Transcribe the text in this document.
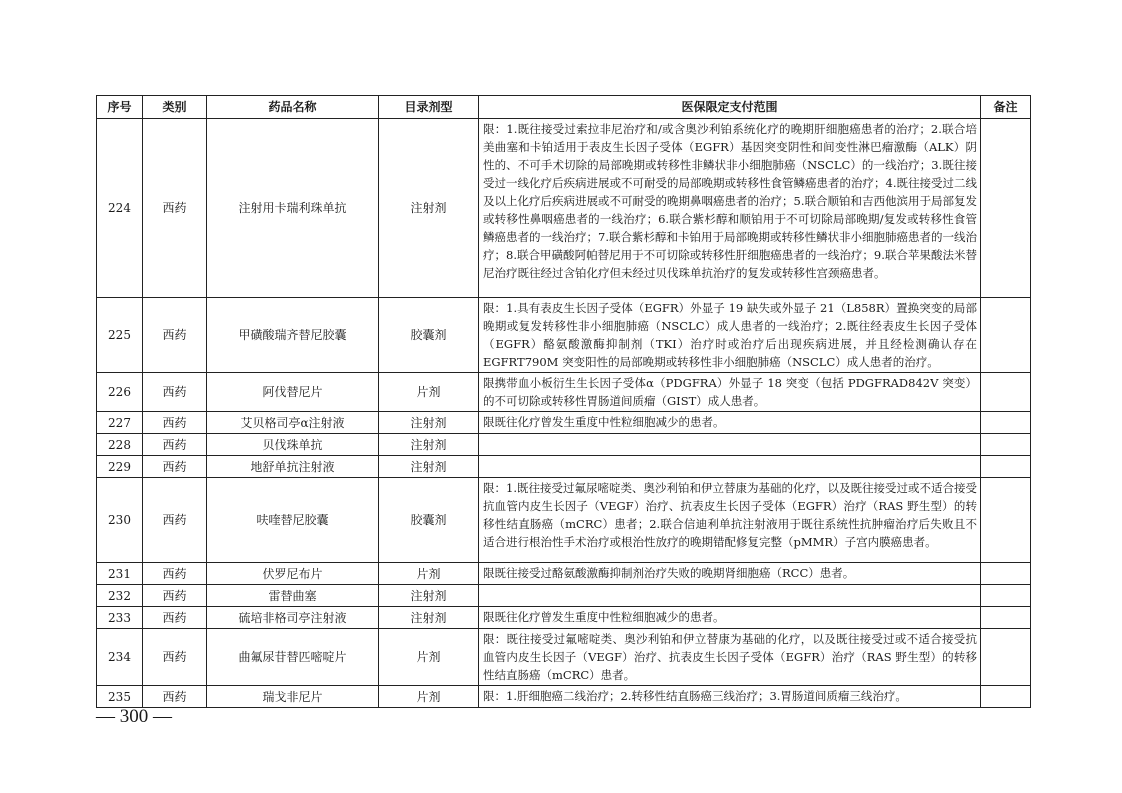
序号	类别	药品名称	目录剂型	医保限定支付范围	备注
224	西药	注射用卡瑞利珠单抗	注射剂	限：1.既往接受过索拉非尼治疗和/或含奥沙利铂系统化疗的晚期肝细胞癌患者的治疗；2.联合培美曲塞和卡铂适用于表皮生长因子受体（EGFR）基因突变阴性和间变性淋巴瘤激酶（ALK）阴性的、不可手术切除的局部晚期或转移性非鳞状非小细胞肺癌（NSCLC）的一线治疗；3.既往接受过一线化疗后疾病进展或不可耐受的局部晚期或转移性食管鳞癌患者的治疗；4.既往接受过二线及以上化疗后疾病进展或不可耐受的晚期鼻咽癌患者的治疗；5.联合顺铂和吉西他滨用于局部复发或转移性鼻咽癌患者的一线治疗；6.联合紫杉醇和顺铂用于不可切除局部晚期/复发或转移性食管鳞癌患者的一线治疗；7.联合紫杉醇和卡铂用于局部晚期或转移性鳞状非小细胞肺癌患者的一线治疗；8.联合甲磺酸阿帕替尼用于不可切除或转移性肝细胞癌患者的一线治疗；9.联合苹果酸法米替尼治疗既往经过含铂化疗但未经过贝伐珠单抗治疗的复发或转移性宫颈癌患者。	
225	西药	甲磺酸瑞齐替尼胶囊	胶囊剂	限：1.具有表皮生长因子受体（EGFR）外显子 19 缺失或外显子 21（L858R）置换突变的局部晚期或复发转移性非小细胞肺癌（NSCLC）成人患者的一线治疗；2.既往经表皮生长因子受体（EGFR）酪氨酸激酶抑制剂（TKI）治疗时或治疗后出现疾病进展，并且经检测确认存在 EGFRT790M 突变阳性的局部晚期或转移性非小细胞肺癌（NSCLC）成人患者的治疗。	
226	西药	阿伐替尼片	片剂	限携带血小板衍生生长因子受体α（PDGFRA）外显子 18 突变（包括 PDGFRAD842V 突变）的不可切除或转移性胃肠道间质瘤（GIST）成人患者。	
227	西药	艾贝格司亭α注射液	注射剂	限既往化疗曾发生重度中性粒细胞减少的患者。	
228	西药	贝伐珠单抗	注射剂		
229	西药	地舒单抗注射液	注射剂		
230	西药	呋喹替尼胶囊	胶囊剂	限：1.既往接受过氟尿嘧啶类、奥沙利铂和伊立替康为基础的化疗，以及既往接受过或不适合接受抗血管内皮生长因子（VEGF）治疗、抗表皮生长因子受体（EGFR）治疗（RAS 野生型）的转移性结直肠癌（mCRC）患者；2.联合信迪利单抗注射液用于既往系统性抗肿瘤治疗后失败且不适合进行根治性手术治疗或根治性放疗的晚期错配修复完整（pMMR）子宫内膜癌患者。	
231	西药	伏罗尼布片	片剂	限既往接受过酪氨酸激酶抑制剂治疗失败的晚期肾细胞癌（RCC）患者。	
232	西药	雷替曲塞	注射剂		
233	西药	硫培非格司亭注射液	注射剂	限既往化疗曾发生重度中性粒细胞减少的患者。	
234	西药	曲氟尿苷替匹嘧啶片	片剂	限：既往接受过氟嘧啶类、奥沙利铂和伊立替康为基础的化疗，以及既往接受过或不适合接受抗血管内皮生长因子（VEGF）治疗、抗表皮生长因子受体（EGFR）治疗（RAS 野生型）的转移性结直肠癌（mCRC）患者。	
235	西药	瑞戈非尼片	片剂	限：1.肝细胞癌二线治疗；2.转移性结直肠癌三线治疗；3.胃肠道间质瘤三线治疗。	
— 300 —
